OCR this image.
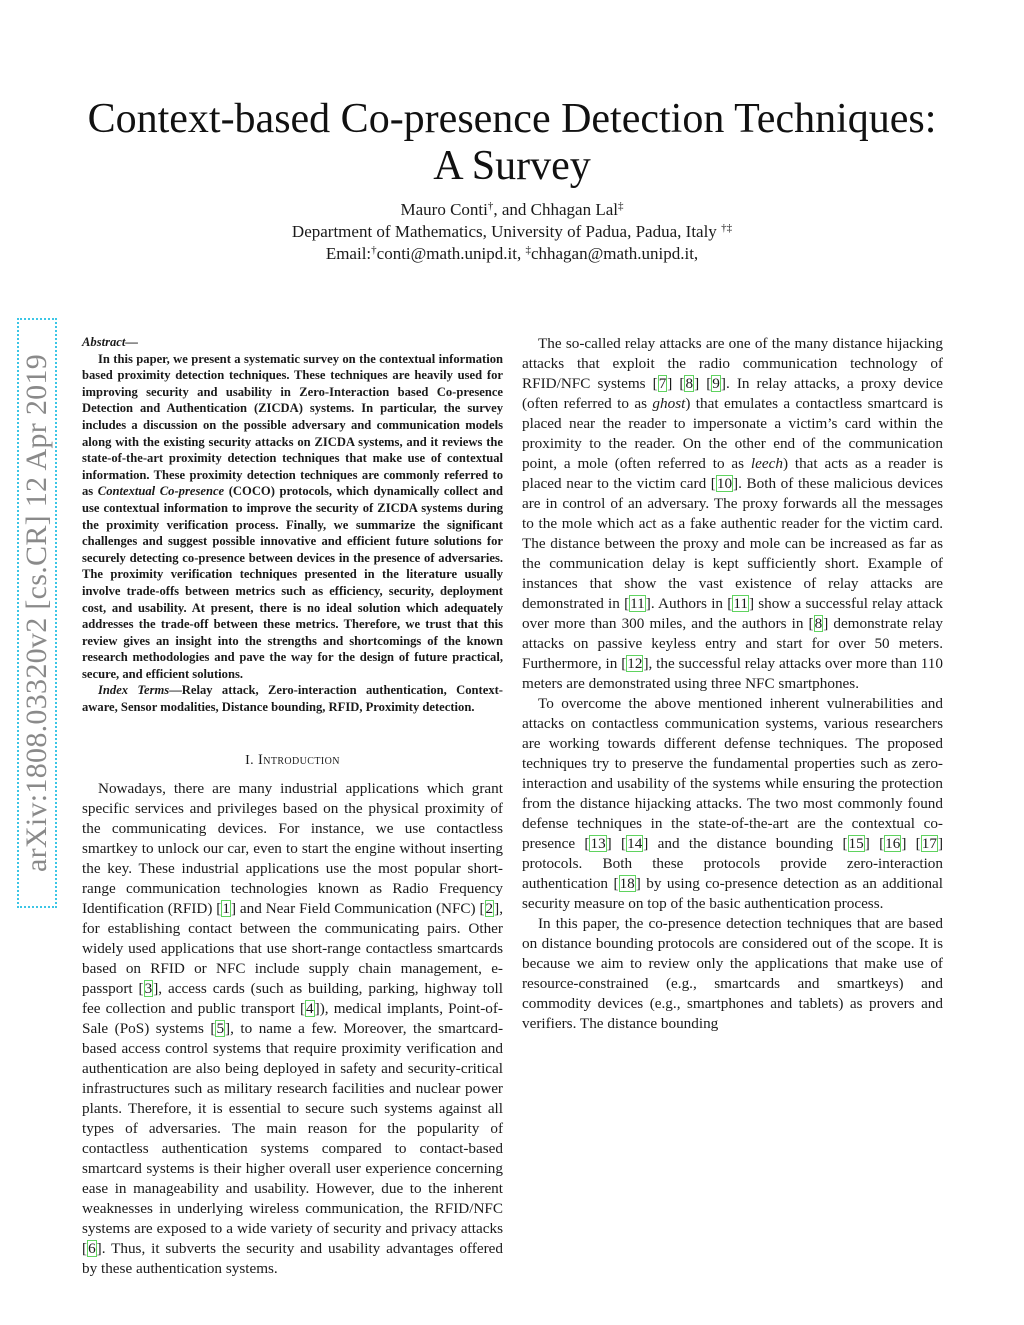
Context-based Co-presence Detection Techniques:
A Survey
Mauro Conti†, and Chhagan Lal‡
Department of Mathematics, University of Padua, Padua, Italy †‡
Email:†conti@math.unipd.it, ‡chhagan@math.unipd.it,
arXiv:1808.03320v2 [cs.CR] 12 Apr 2019

Abstract—

In this paper, we present a systematic survey on the contextual information based proximity detection techniques. These techniques are heavily used for improving security and usability in Zero-Interaction based Co-presence Detection and Authentication (ZICDA) systems. In particular, the survey includes a discussion on the possible adversary and communication models along with the existing security attacks on ZICDA systems, and it reviews the state-of-the-art proximity detection techniques that make use of contextual information. These proximity detection techniques are commonly referred to as Contextual Co-presence (COCO) protocols, which dynamically collect and use contextual information to improve the security of ZICDA systems during the proximity verification process. Finally, we summarize the significant challenges and suggest possible innovative and efficient future solutions for securely detecting co-presence between devices in the presence of adversaries. The proximity verification techniques presented in the literature usually involve trade-offs between metrics such as efficiency, security, deployment cost, and usability. At present, there is no ideal solution which adequately addresses the trade-off between these metrics. Therefore, we trust that this review gives an insight into the strengths and shortcomings of the known research methodologies and pave the way for the design of future practical, secure, and efficient solutions.

Index Terms—Relay attack, Zero-interaction authentication, Context-aware, Sensor modalities, Distance bounding, RFID, Proximity detection.

I. Introduction

Nowadays, there are many industrial applications which grant specific services and privileges based on the physical proximity of the communicating devices. For instance, we use contactless smartkey to unlock our car, even to start the engine without inserting the key. These industrial applications use the most popular short-range communication technologies known as Radio Frequency Identification (RFID) [1] and Near Field Communication (NFC) [2], for establishing contact between the communicating pairs. Other widely used applications that use short-range contactless smartcards based on RFID or NFC include supply chain management, e-passport [3], access cards (such as building, parking, highway toll fee collection and public transport [4]), medical implants, Point-of-Sale (PoS) systems [5], to name a few. Moreover, the smartcard-based access control systems that require proximity verification and authentication are also being deployed in safety and security-critical infrastructures such as military research facilities and nuclear power plants. Therefore, it is essential to secure such systems against all types of adversaries. The main reason for the popularity of contactless authentication systems compared to contact-based smartcard systems is their higher overall user experience concerning ease in manageability and usability. However, due to the inherent weaknesses in underlying wireless communication, the RFID/NFC systems are exposed to a wide variety of security and privacy attacks [6]. Thus, it subverts the security and usability advantages offered by these authentication systems.

The so-called relay attacks are one of the many distance hijacking attacks that exploit the radio communication technology of RFID/NFC systems [7] [8] [9]. In relay attacks, a proxy device (often referred to as ghost) that emulates a contactless smartcard is placed near the reader to impersonate a victim’s card within the proximity to the reader. On the other end of the communication point, a mole (often referred to as leech) that acts as a reader is placed near to the victim card [10]. Both of these malicious devices are in control of an adversary. The proxy forwards all the messages to the mole which act as a fake authentic reader for the victim card. The distance between the proxy and mole can be increased as far as the communication delay is kept sufficiently short. Example of instances that show the vast existence of relay attacks are demonstrated in [11]. Authors in [11] show a successful relay attack over more than 300 miles, and the authors in [8] demonstrate relay attacks on passive keyless entry and start for over 50 meters. Furthermore, in [12], the successful relay attacks over more than 110 meters are demonstrated using three NFC smartphones.

To overcome the above mentioned inherent vulnerabilities and attacks on contactless communication systems, various researchers are working towards different defense techniques. The proposed techniques try to preserve the fundamental properties such as zero-interaction and usability of the systems while ensuring the protection from the distance hijacking attacks. The two most commonly found defense techniques in the state-of-the-art are the contextual co-presence [13] [14] and the distance bounding [15] [16] [17] protocols. Both these protocols provide zero-interaction authentication [18] by using co-presence detection as an additional security measure on top of the basic authentication process.

In this paper, the co-presence detection techniques that are based on distance bounding protocols are considered out of the scope. It is because we aim to review only the applications that make use of resource-constrained (e.g., smartcards and smartkeys) and commodity devices (e.g., smartphones and tablets) as provers and verifiers. The distance bounding
